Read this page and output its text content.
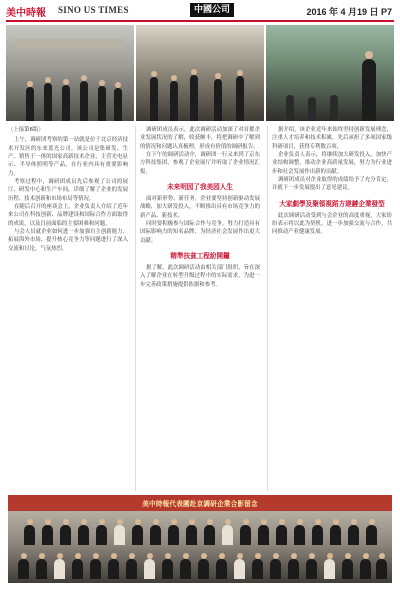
美中時報 SINO US TIMES	中國公司	2016 年 4 月19 日 P7
（上接第6版）

上午，调研团考察的第一站就是位于北京经济技术开发区的东来蓝光公司。该公司是集研发、生产、销售于一体的国家高新技术企业，主营光电显示、半导体照明等产品，在行业内具有重要影响力。

考察过程中，调研团成员先后参观了公司的展厅、研发中心和生产车间，详细了解了企业的发展历程、技术创新和市场布局等情况。

在随后召开的座谈会上，企业负责人介绍了近年来公司在科技创新、品牌建设和国际合作方面取得的成果，以及目前面临的主要困难和问题。

与会人员就企业如何进一步加强自主创新能力、拓展海外市场、提升核心竞争力等问题进行了深入交流和讨论，气氛热烈。

调研团成员表示，此次调研活动加深了对首都企业发展状况的了解，收获颇丰，将把调研中了解到的情况和问题认真梳理，形成有价值的调研报告。

在下午的调研活动中，调研团一行又来到了京东方科技集团，参观了企业展厅并听取了企业情况汇报。

未来明园了我美园人生

面对新形势、新任务，企业要坚持创新驱动发展战略，加大研发投入，不断推出具有市场竞争力的新产品、新技术。

同时要积极参与国际合作与竞争，努力打造具有国际影响力的知名品牌，为经济社会发展作出更大贡献。

精準扶貧工程紛開鑼

据了解，此次调研活动由相关部门组织，旨在深入了解企业在转型升级过程中的实际需求，为进一步完善政策措施提供依据和参考。

据介绍，该企业近年来始终坚持创新发展理念，注重人才培养和技术积累，先后承担了多项国家级科研项目，获得专利数百项。

企业负责人表示，将继续加大研发投入，加快产业结构调整，推动企业高质量发展，努力为行业进步和社会发展作出新的贡献。

调研团成员对企业取得的成绩给予了充分肯定，并就下一步发展提出了意见建议。

大家劇學及聚領視蹈方建鏈企業發型

此次调研活动受到与会企业的高度重视，大家纷纷表示将以此为契机，进一步加强交流与合作，共同推动产业健康发展。

美中時報代表團赴京調研企業合影留念
